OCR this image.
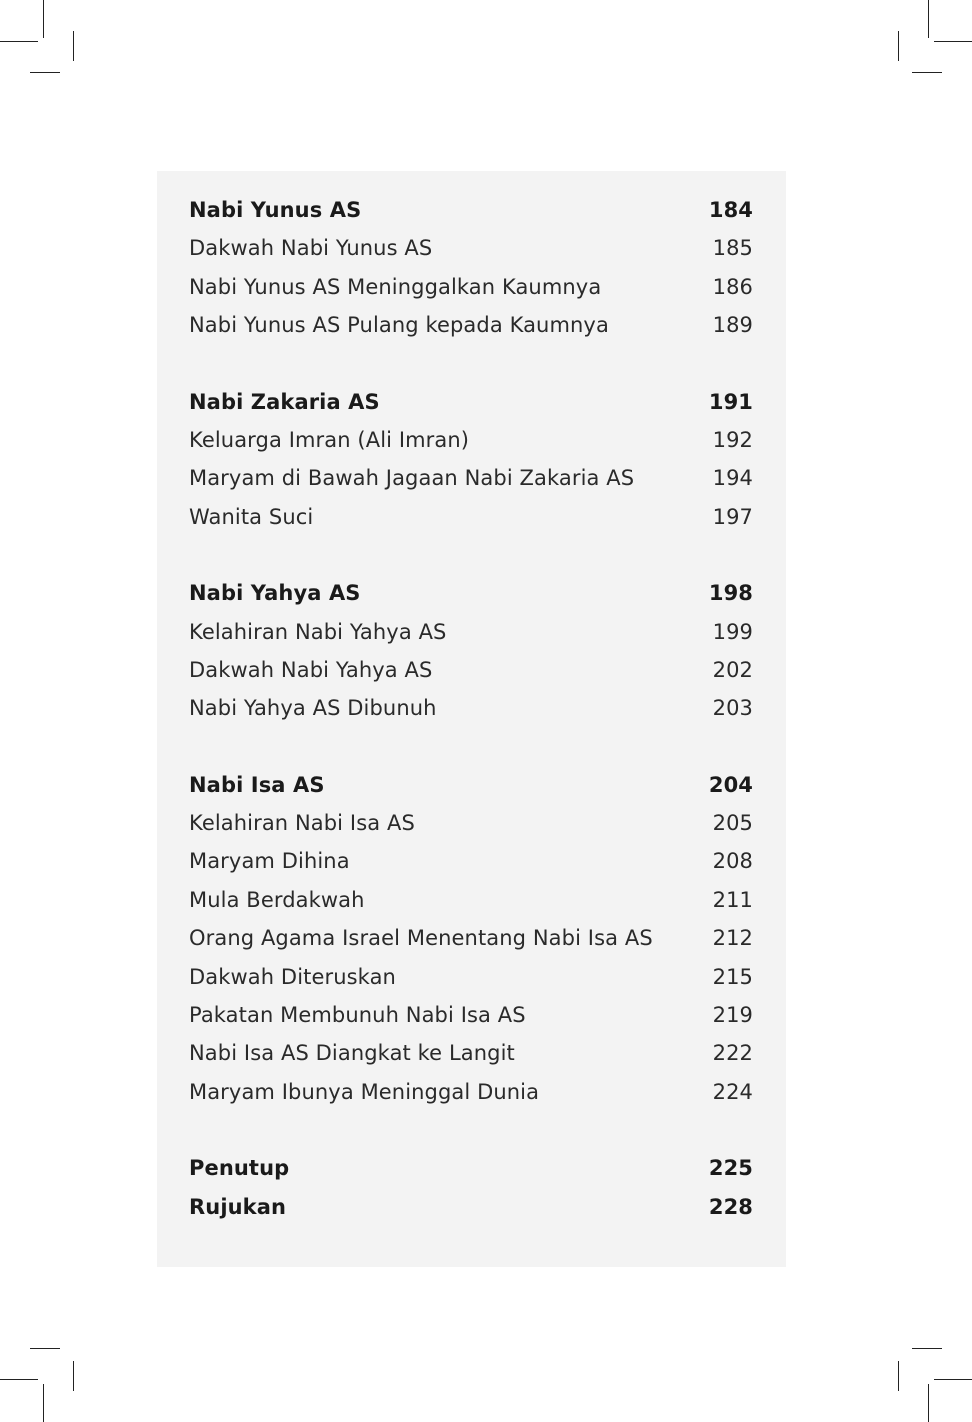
Nabi Yunus AS	184
Dakwah Nabi Yunus AS	185
Nabi Yunus AS Meninggalkan Kaumnya	186
Nabi Yunus AS Pulang kepada Kaumnya	189
Nabi Zakaria AS	191
Keluarga Imran (Ali Imran)	192
Maryam di Bawah Jagaan Nabi Zakaria AS	194
Wanita Suci	197
Nabi Yahya AS	198
Kelahiran Nabi Yahya AS	199
Dakwah Nabi Yahya AS	202
Nabi Yahya AS Dibunuh	203
Nabi Isa AS	204
Kelahiran Nabi Isa AS	205
Maryam Dihina	208
Mula Berdakwah	211
Orang Agama Israel Menentang Nabi Isa AS	212
Dakwah Diteruskan	215
Pakatan Membunuh Nabi Isa AS	219
Nabi Isa AS Diangkat ke Langit	222
Maryam Ibunya Meninggal Dunia	224
Penutup	225
Rujukan	228
